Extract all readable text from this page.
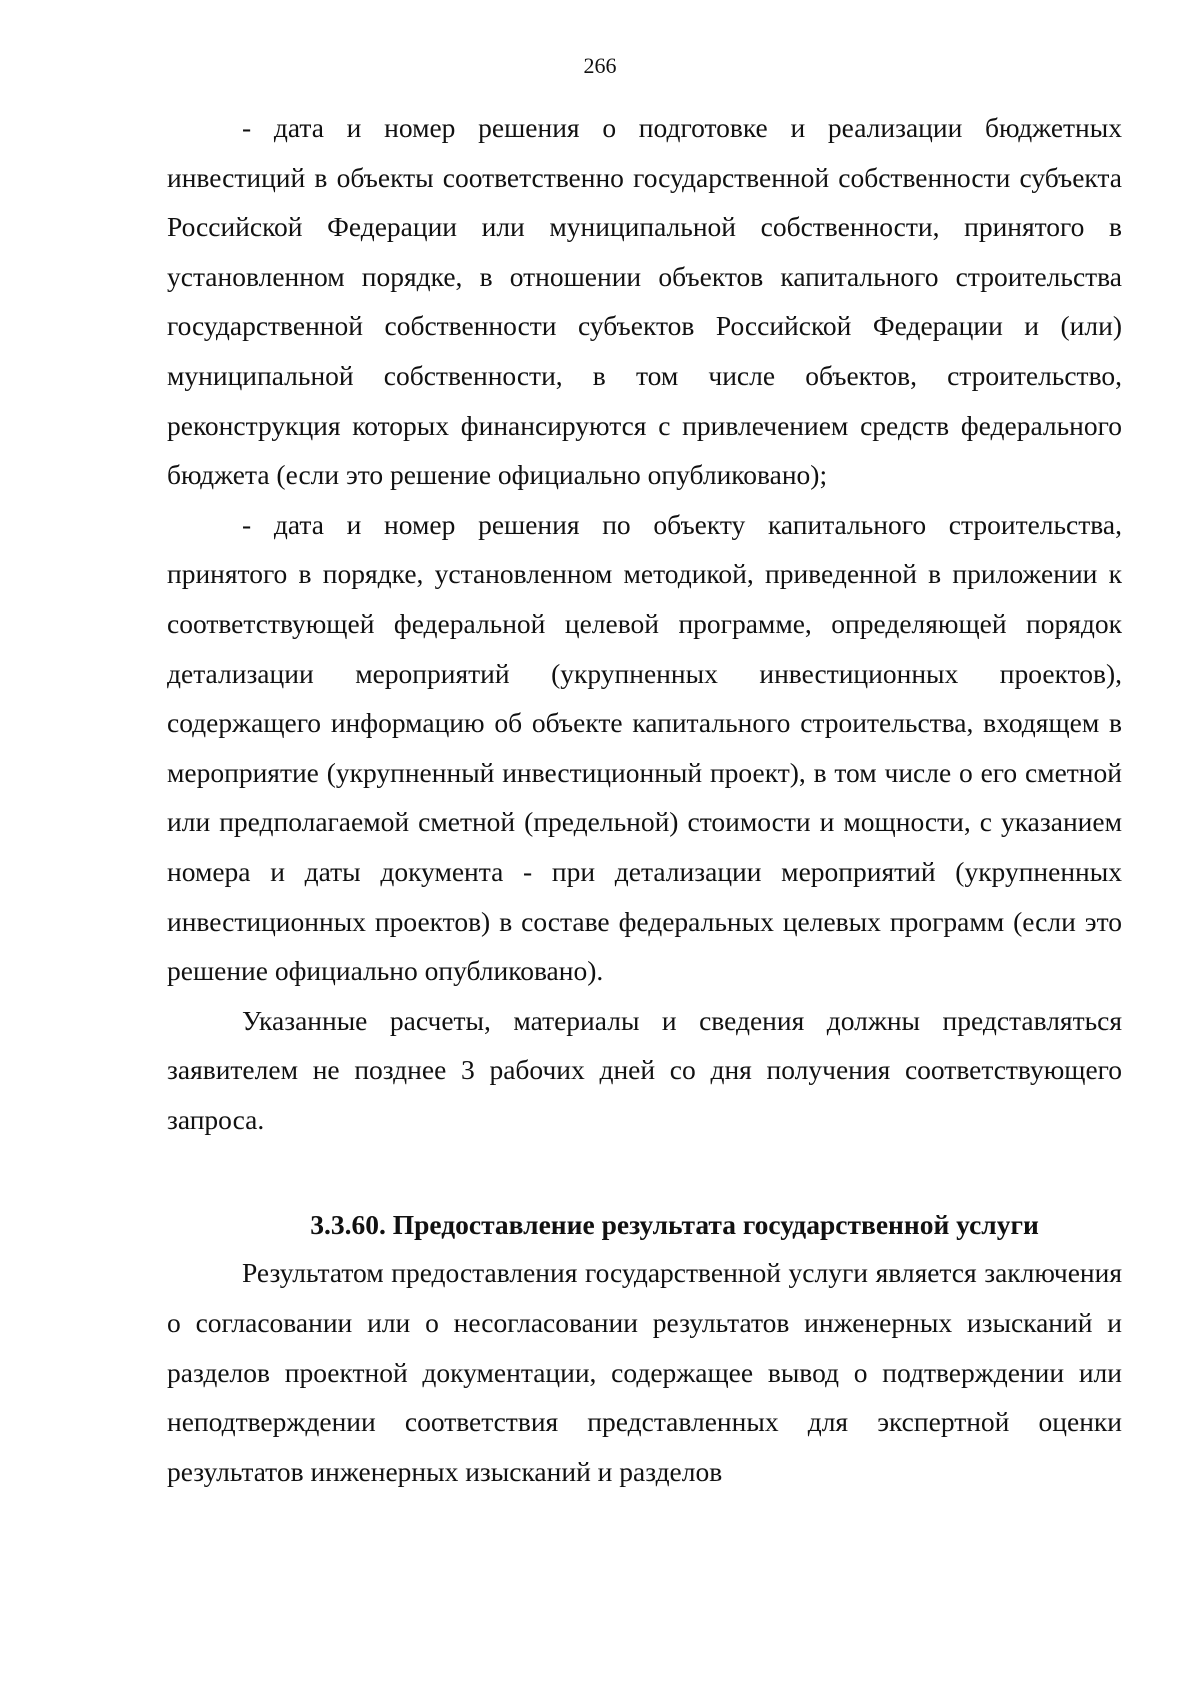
266

- дата и номер решения о подготовке и реализации бюджетных инвестиций в объекты соответственно государственной собственности субъекта Российской Федерации или муниципальной собственности, принятого в установленном порядке, в отношении объектов капитального строительства государственной собственности субъектов Российской Федерации и (или) муниципальной собственности, в том числе объектов, строительство, реконструкция которых финансируются с привлечением средств федерального бюджета (если это решение официально опубликовано);

- дата и номер решения по объекту капитального строительства, принятого в порядке, установленном методикой, приведенной в приложении к соответствующей федеральной целевой программе, определяющей порядок детализации мероприятий (укрупненных инвестиционных проектов), содержащего информацию об объекте капитального строительства, входящем в мероприятие (укрупненный инвестиционный проект), в том числе о его сметной или предполагаемой сметной (предельной) стоимости и мощности, с указанием номера и даты документа - при детализации мероприятий (укрупненных инвестиционных проектов) в составе федеральных целевых программ (если это решение официально опубликовано).

Указанные расчеты, материалы и сведения должны представляться заявителем не позднее 3 рабочих дней со дня получения соответствующего запроса.

3.3.60. Предоставление результата государственной услуги

Результатом предоставления государственной услуги является заключения о согласовании или о несогласовании результатов инженерных изысканий и разделов проектной документации, содержащее вывод о подтверждении или неподтверждении соответствия представленных для экспертной оценки результатов инженерных изысканий и разделов
